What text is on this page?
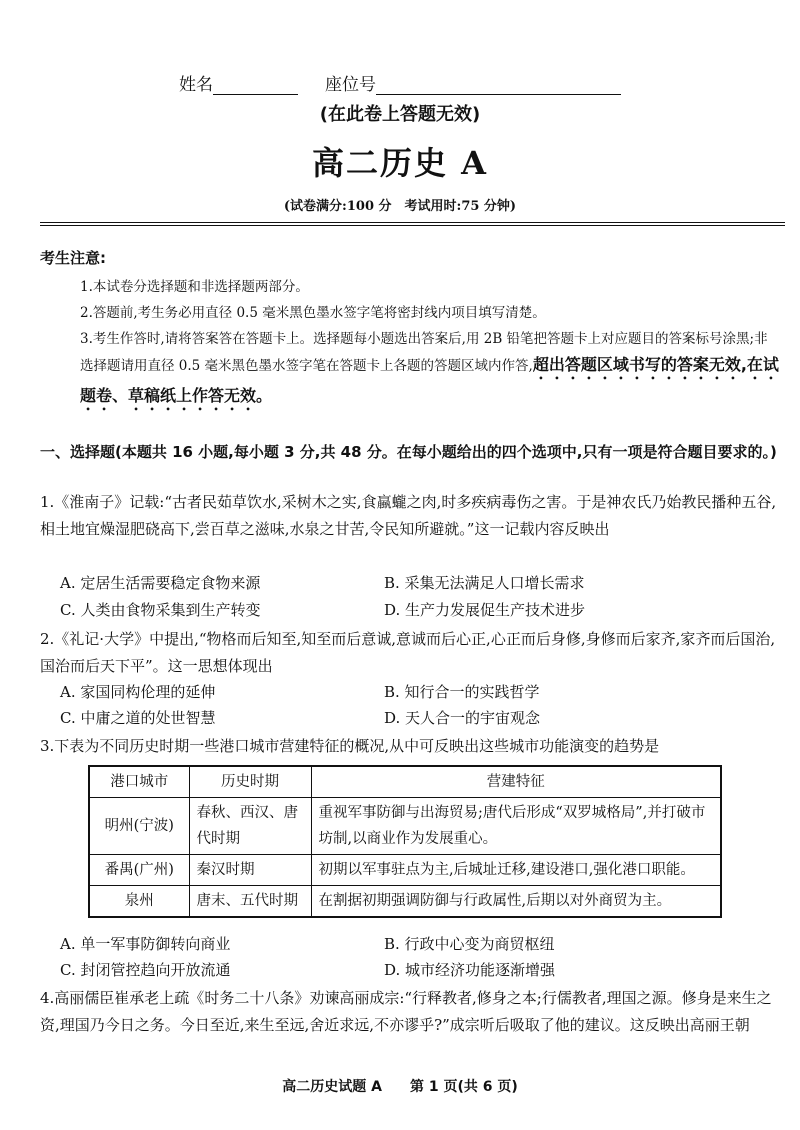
姓名	座位号
(在此卷上答题无效)
高二历史 A
(试卷满分:100 分　考试用时:75 分钟)
考生注意:
1.本试卷分选择题和非选择题两部分。
2.答题前,考生务必用直径 0.5 毫米黑色墨水签字笔将密封线内项目填写清楚。
3.考生作答时,请将答案答在答题卡上。选择题每小题选出答案后,用 2B 铅笔把答题卡上对应题目的答案标号涂黑;非选择题请用直径 0.5 毫米黑色墨水签字笔在答题卡上各题的答题区域内作答,超出答题区域书写的答案无效,在试题卷、草稿纸上作答无效。
一、选择题(本题共 16 小题,每小题 3 分,共 48 分。在每小题给出的四个选项中,只有一项是符合题目要求的。)
1.《淮南子》记载:“古者民茹草饮水,采树木之实,食蠃蠬之肉,时多疾病毒伤之害。于是神农氏乃始教民播种五谷,相土地宜燥湿肥硗高下,尝百草之滋味,水泉之甘苦,令民知所避就。”这一记载内容反映出
A. 定居生活需要稳定食物来源	B. 采集无法满足人口增长需求
C. 人类由食物采集到生产转变	D. 生产力发展促生产技术进步
2.《礼记·大学》中提出,“物格而后知至,知至而后意诚,意诚而后心正,心正而后身修,身修而后家齐,家齐而后国治,国治而后天下平”。这一思想体现出
A. 家国同构伦理的延伸	B. 知行合一的实践哲学
C. 中庸之道的处世智慧	D. 天人合一的宇宙观念
3.下表为不同历史时期一些港口城市营建特征的概况,从中可反映出这些城市功能演变的趋势是
港口城市	历史时期	营建特征
明州(宁波)	春秋、西汉、唐代时期	重视军事防御与出海贸易;唐代后形成“双罗城格局”,并打破市坊制,以商业作为发展重心。
番禺(广州)	秦汉时期	初期以军事驻点为主,后城址迁移,建设港口,强化港口职能。
泉州	唐末、五代时期	在割据初期强调防御与行政属性,后期以对外商贸为主。
A. 单一军事防御转向商业	B. 行政中心变为商贸枢纽
C. 封闭管控趋向开放流通	D. 城市经济功能逐渐增强
4.高丽儒臣崔承老上疏《时务二十八条》劝谏高丽成宗:“行释教者,修身之本;行儒教者,理国之源。修身是来生之资,理国乃今日之务。今日至近,来生至远,舍近求远,不亦谬乎?”成宗听后吸取了他的建议。这反映出高丽王朝
高二历史试题 A　　第 1 页(共 6 页)
